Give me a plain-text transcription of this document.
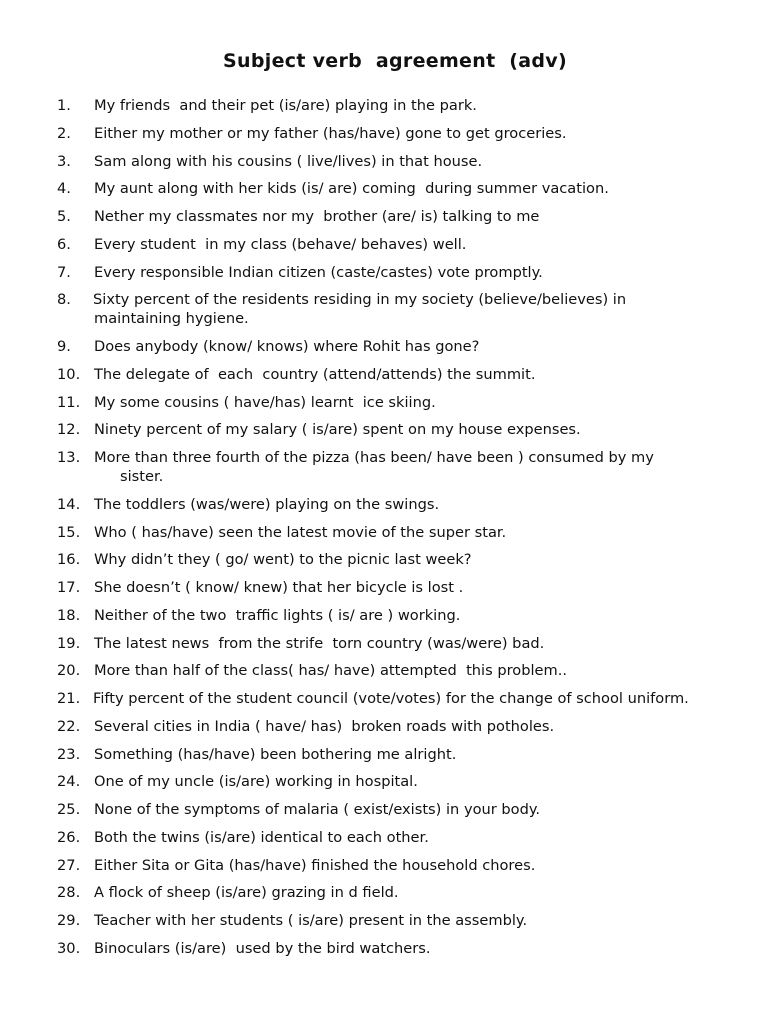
Subject verb  agreement  (adv)
1. My friends  and their pet (is/are) playing in the park.
2. Either my mother or my father (has/have) gone to get groceries.
3. Sam along with his cousins ( live/lives) in that house.
4. My aunt along with her kids (is/ are) coming  during summer vacation.
5. Nether my classmates nor my  brother (are/ is) talking to me
6. Every student  in my class (behave/ behaves) well.
7. Every responsible Indian citizen (caste/castes) vote promptly.
8. Sixty percent of the residents residing in my society (believe/believes) in
maintaining hygiene.
9. Does anybody (know/ knows) where Rohit has gone?
10. The delegate of  each  country (attend/attends) the summit.
11. My some cousins ( have/has) learnt  ice skiing.
12. Ninety percent of my salary ( is/are) spent on my house expenses.
13. More than three fourth of the pizza (has been/ have been ) consumed by my
sister.
14. The toddlers (was/were) playing on the swings.
15. Who ( has/have) seen the latest movie of the super star.
16. Why didn’t they ( go/ went) to the picnic last week?
17. She doesn’t ( know/ knew) that her bicycle is lost .
18. Neither of the two  traffic lights ( is/ are ) working.
19. The latest news  from the strife  torn country (was/were) bad.
20. More than half of the class( has/ have) attempted  this problem..
21. Fifty percent of the student council (vote/votes) for the change of school uniform.
22. Several cities in India ( have/ has)  broken roads with potholes.
23. Something (has/have) been bothering me alright.
24. One of my uncle (is/are) working in hospital.
25. None of the symptoms of malaria ( exist/exists) in your body.
26. Both the twins (is/are) identical to each other.
27. Either Sita or Gita (has/have) finished the household chores.
28. A flock of sheep (is/are) grazing in d field.
29. Teacher with her students ( is/are) present in the assembly.
30. Binoculars (is/are)  used by the bird watchers.
